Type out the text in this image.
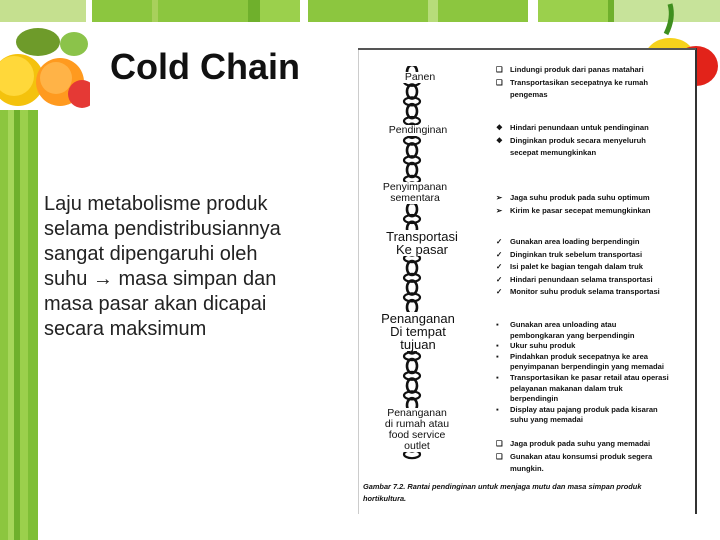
Cold Chain
Laju metabolisme produk
selama pendistribusiannya
sangat dipengaruhi oleh
suhu → masa simpan dan
masa pasar akan dicapai
secara maksimum
Panen
Pendinginan
Penyimpanan
sementara
Transportasi
Ke pasar
Penanganan
Di tempat
tujuan
Penanganan
di rumah atau
food service
outlet
❑ Lindungi produk dari panas matahari
❑ Transportasikan secepatnya ke rumah
pengemas
❖ Hindari penundaan untuk pendinginan
❖ Dinginkan produk secara menyeluruh
secepat memungkinkan
➢	Jaga suhu produk pada suhu optimum
➢	Kirim ke pasar secepat memungkinkan
✓	Gunakan area loading berpendingin
✓	Dinginkan truk sebelum transportasi
✓	Isi palet ke bagian tengah dalam truk
✓	Hindari penundaan selama transportasi
✓	Monitor suhu produk selama transportasi
▪	Gunakan area unloading atau
pembongkaran yang berpendingin
▪	Ukur suhu produk
▪	Pindahkan produk secepatnya ke area
penyimpanan berpendingin yang memadai
▪	Transportasikan ke pasar retail atau operasi
pelayanan makanan dalam truk
berpendingin
▪	Display atau pajang produk pada kisaran
suhu yang memadai
❑ Jaga produk pada suhu yang memadai
❑ Gunakan atau konsumsi produk segera
mungkin.
Gambar 7.2. Rantai pendinginan untuk menjaga mutu dan masa simpan produk
hortikultura.
